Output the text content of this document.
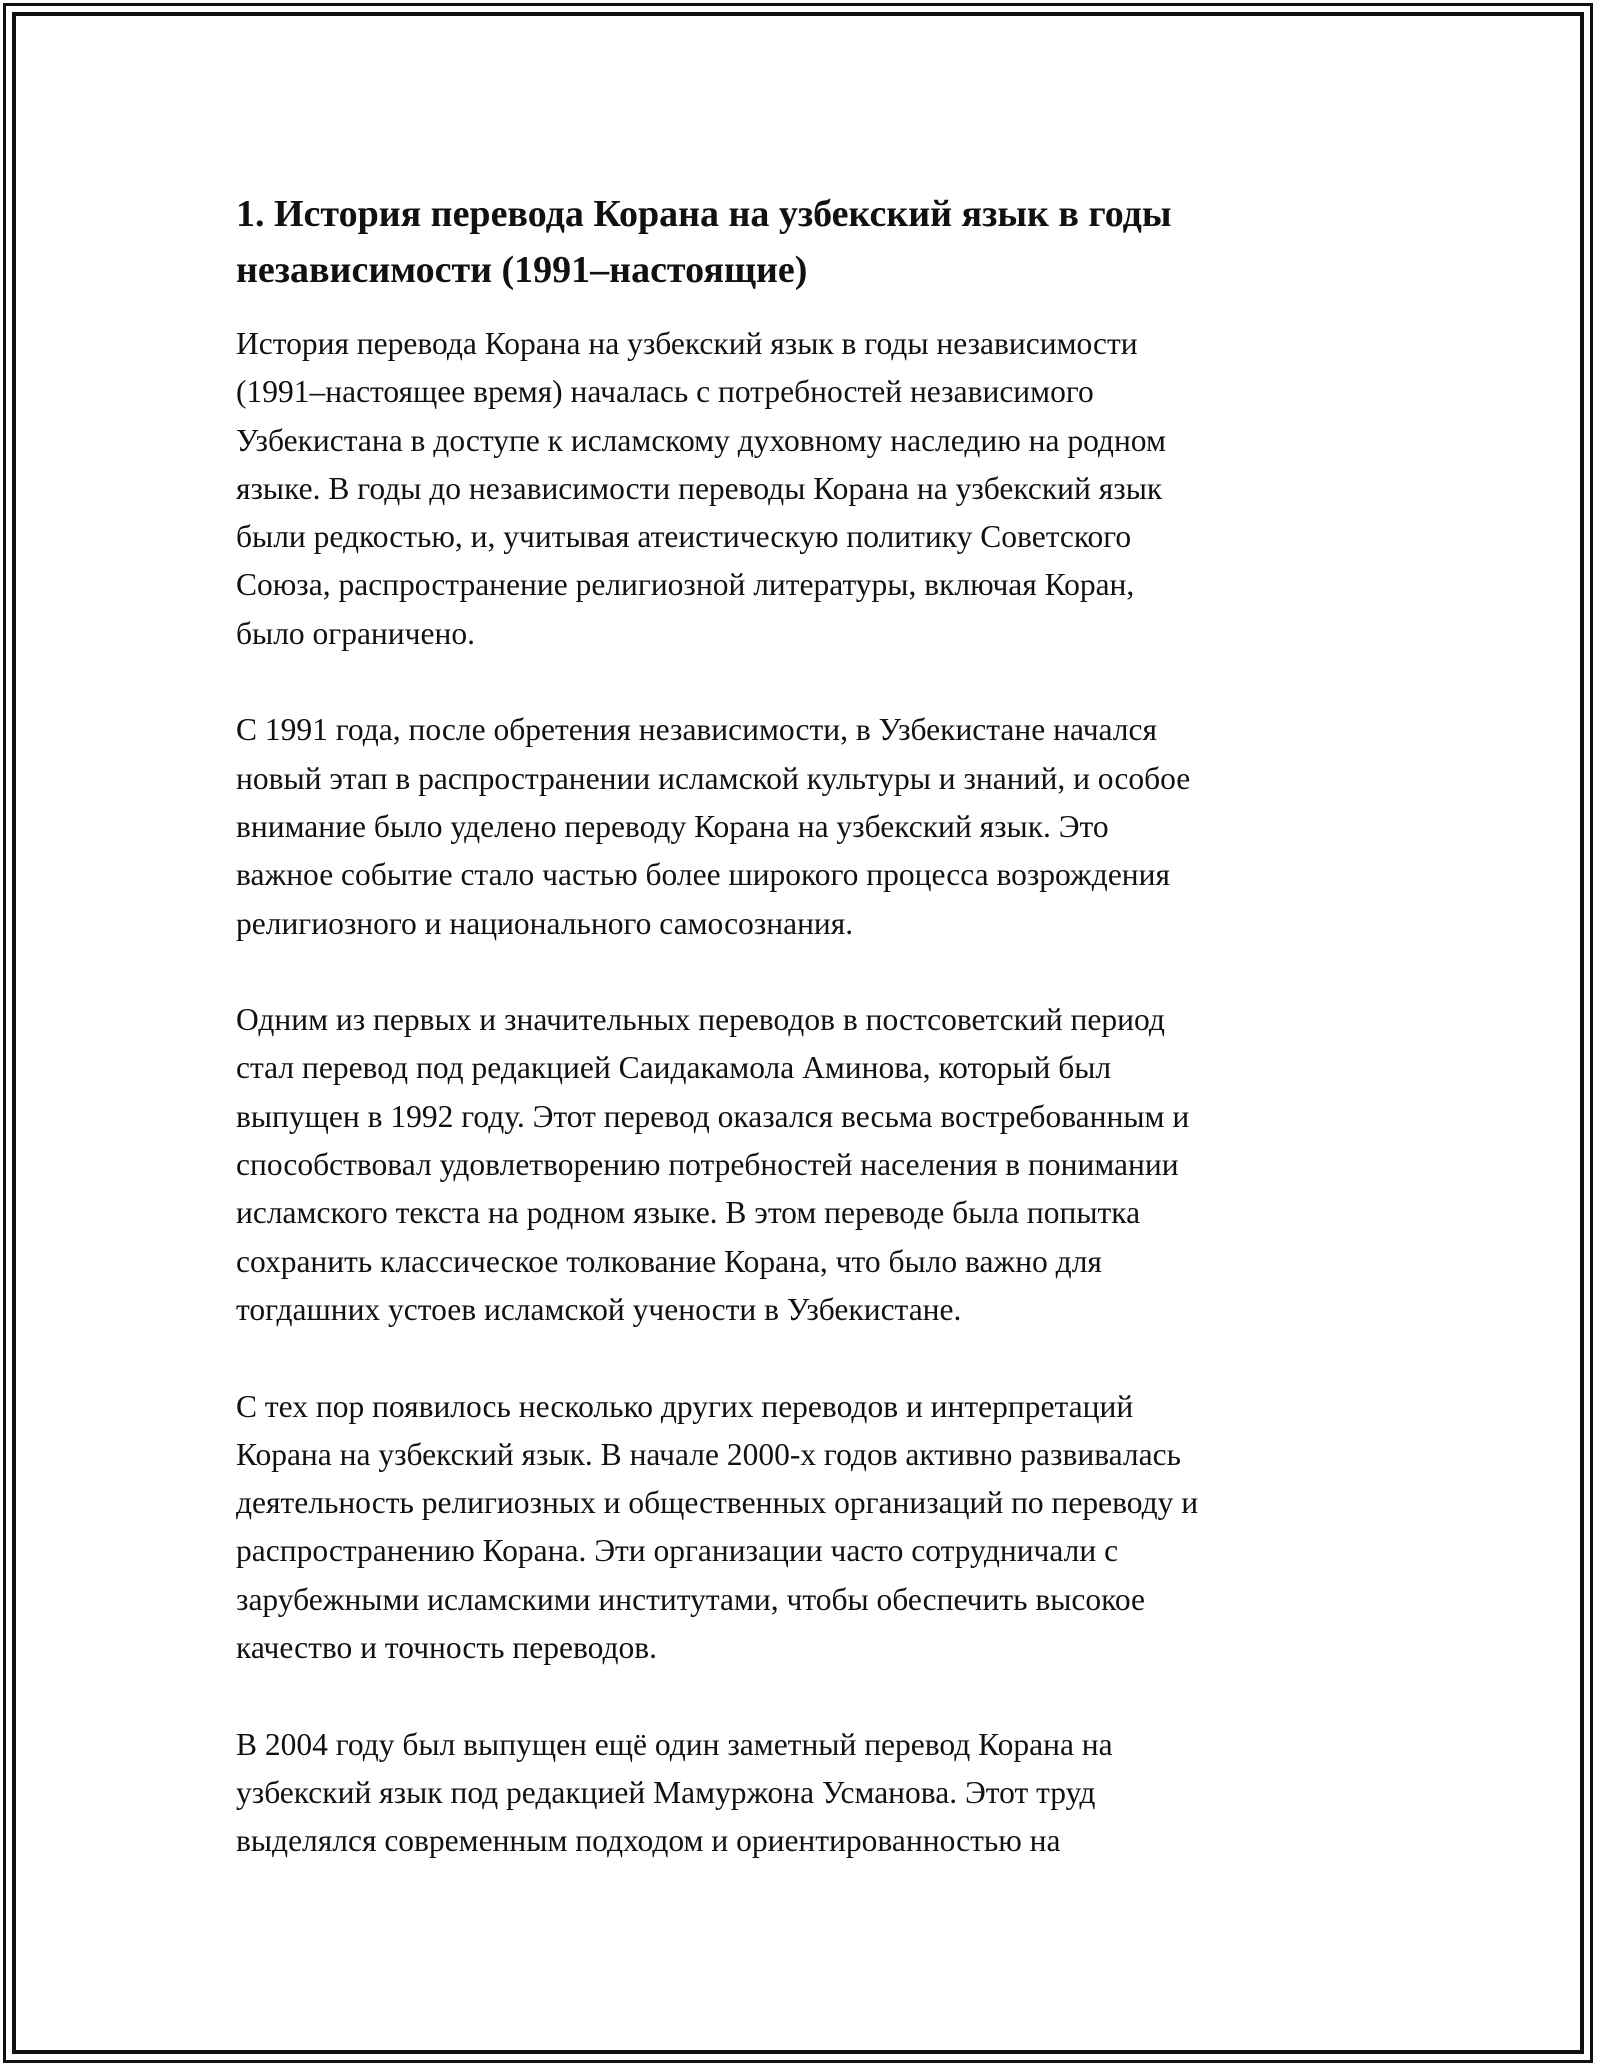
1. История перевода Корана на узбекский язык в годы
независимости (1991–настоящие)
История перевода Корана на узбекский язык в годы независимости
(1991–настоящее время) началась с потребностей независимого
Узбекистана в доступе к исламскому духовному наследию на родном
языке. В годы до независимости переводы Корана на узбекский язык
были редкостью, и, учитывая атеистическую политику Советского
Союза, распространение религиозной литературы, включая Коран,
было ограничено.
С 1991 года, после обретения независимости, в Узбекистане начался
новый этап в распространении исламской культуры и знаний, и особое
внимание было уделено переводу Корана на узбекский язык. Это
важное событие стало частью более широкого процесса возрождения
религиозного и национального самосознания.
Одним из первых и значительных переводов в постсоветский период
стал перевод под редакцией Саидакамола Аминова, который был
выпущен в 1992 году. Этот перевод оказался весьма востребованным и
способствовал удовлетворению потребностей населения в понимании
исламского текста на родном языке. В этом переводе была попытка
сохранить классическое толкование Корана, что было важно для
тогдашних устоев исламской учености в Узбекистане.
С тех пор появилось несколько других переводов и интерпретаций
Корана на узбекский язык. В начале 2000-х годов активно развивалась
деятельность религиозных и общественных организаций по переводу и
распространению Корана. Эти организации часто сотрудничали с
зарубежными исламскими институтами, чтобы обеспечить высокое
качество и точность переводов.
В 2004 году был выпущен ещё один заметный перевод Корана на
узбекский язык под редакцией Мамуржона Усманова. Этот труд
выделялся современным подходом и ориентированностью на
